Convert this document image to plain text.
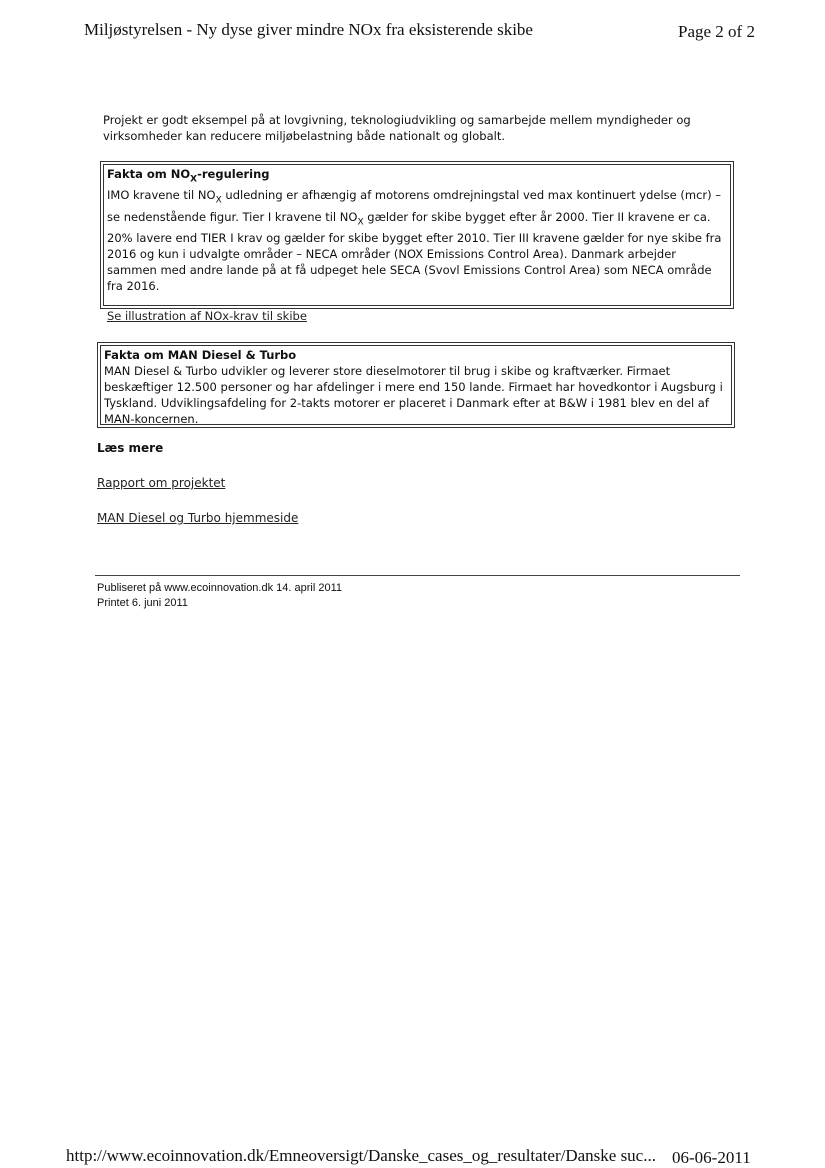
Miljøstyrelsen - Ny dyse giver mindre NOx fra eksisterende skibe	Page 2 of 2
Projekt er godt eksempel på at lovgivning, teknologiudvikling og samarbejde mellem myndigheder og virksomheder kan reducere miljøbelastning både nationalt og globalt.
Fakta om $NO_X$-regulering
IMO kravene til $NO_X$ udledning er afhængig af motorens omdrejningstal ved max kontinuert ydelse (mcr) – se nedenstående figur. Tier I kravene til $NO_X$ gælder for skibe bygget efter år 2000. Tier II kravene er ca. 20% lavere end TIER I krav og gælder for skibe bygget efter 2010. Tier III kravene gælder for nye skibe fra 2016 og kun i udvalgte områder – NECA områder (NOX Emissions Control Area). Danmark arbejder sammen med andre lande på at få udpeget hele SECA (Svovl Emissions Control Area) som NECA område fra 2016.
Se illustration af NOx-krav til skibe
Fakta om MAN Diesel & Turbo
MAN Diesel & Turbo udvikler og leverer store dieselmotorer til brug i skibe og kraftværker. Firmaet beskæftiger 12.500 personer og har afdelinger i mere end 150 lande. Firmaet har hovedkontor i Augsburg i Tyskland. Udviklingsafdeling for 2-takts motorer er placeret i Danmark efter at B&W i 1981 blev en del af MAN-koncernen.
Læs mere
Rapport om projektet
MAN Diesel og Turbo hjemmeside
Publiseret på www.ecoinnovation.dk 14. april 2011
Printet 6. juni 2011
http://www.ecoinnovation.dk/Emneoversigt/Danske_cases_og_resultater/Danske suc... 06-06-2011
